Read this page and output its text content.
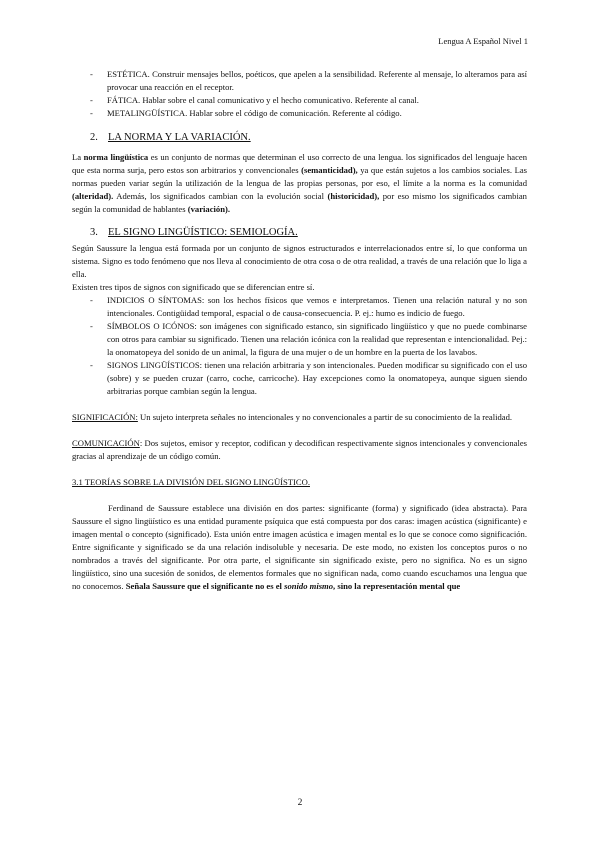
Lengua A Español Nivel 1
- ESTÉTICA. Construir mensajes bellos, poéticos, que apelen a la sensibilidad. Referente al mensaje, lo alteramos para así provocar una reacción en el receptor.
- FÁTICA. Hablar sobre el canal comunicativo y el hecho comunicativo. Referente al canal.
- METALINGÜÍSTICA. Hablar sobre el código de comunicación. Referente al código.
2. LA NORMA Y LA VARIACIÓN.

La norma lingüística es un conjunto de normas que determinan el uso correcto de una lengua. los significados del lenguaje hacen que esta norma surja, pero estos son arbitrarios y convencionales (semanticidad), ya que están sujetos a los cambios sociales. Las normas pueden variar según la utilización de la lengua de las propias personas, por eso, el límite a la norma es la comunidad (alteridad). Además, los significados cambian con la evolución social (historicidad), por eso mismo los significados cambian según la comunidad de hablantes (variación).

3. EL SIGNO LINGÜÍSTICO: SEMIOLOGÍA.

Según Saussure la lengua está formada por un conjunto de signos estructurados e interrelacionados entre sí, lo que conforma un sistema. Signo es todo fenómeno que nos lleva al conocimiento de otra cosa o de otra realidad, a través de una relación que lo liga a ella.

Existen tres tipos de signos con significado que se diferencian entre sí.

- INDICIOS O SÍNTOMAS: son los hechos físicos que vemos e interpretamos. Tienen una relación natural y no son intencionales. Contigüidad temporal, espacial o de causa-consecuencia. P. ej.: humo es indicio de fuego.
- SÍMBOLOS O ICÓNOS: son imágenes con significado estanco, sin significado lingüístico y que no puede combinarse con otros para cambiar su significado. Tienen una relación icónica con la realidad que representan e intencionalidad. Pej.: la onomatopeya del sonido de un animal, la figura de una mujer o de un hombre en la puerta de los lavabos.
- SIGNOS LINGÜÍSTICOS: tienen una relación arbitraria y son intencionales. Pueden modificar su significado con el uso (sobre) y se pueden cruzar (carro, coche, carricoche). Hay excepciones como la onomatopeya, aunque siguen siendo arbitrarias porque cambian según la lengua.

SIGNIFICACIÓN: Un sujeto interpreta señales no intencionales y no convencionales a partir de su conocimiento de la realidad.

COMUNICACIÓN: Dos sujetos, emisor y receptor, codifican y decodifican respectivamente signos intencionales y convencionales gracias al aprendizaje de un código común.

3.1 TEORÍAS SOBRE LA DIVISIÓN DEL SIGNO LINGÜÍSTICO.

Ferdinand de Saussure establece una división en dos partes: significante (forma) y significado (idea abstracta). Para Saussure el signo lingüístico es una entidad puramente psíquica que está compuesta por dos caras: imagen acústica (significante) e imagen mental o concepto (significado). Esta unión entre imagen acústica e imagen mental es lo que se conoce como significación. Entre significante y significado se da una relación indisoluble y necesaria. De este modo, no existen los conceptos puros o no nombrados a través del significante. Por otra parte, el significante sin significado existe, pero no significa. No es un signo lingüístico, sino una sucesión de sonidos, de elementos formales que no significan nada, como cuando escuchamos una lengua que no conocemos. Señala Saussure que el significante no es el sonido mismo, sino la representación mental que

2
